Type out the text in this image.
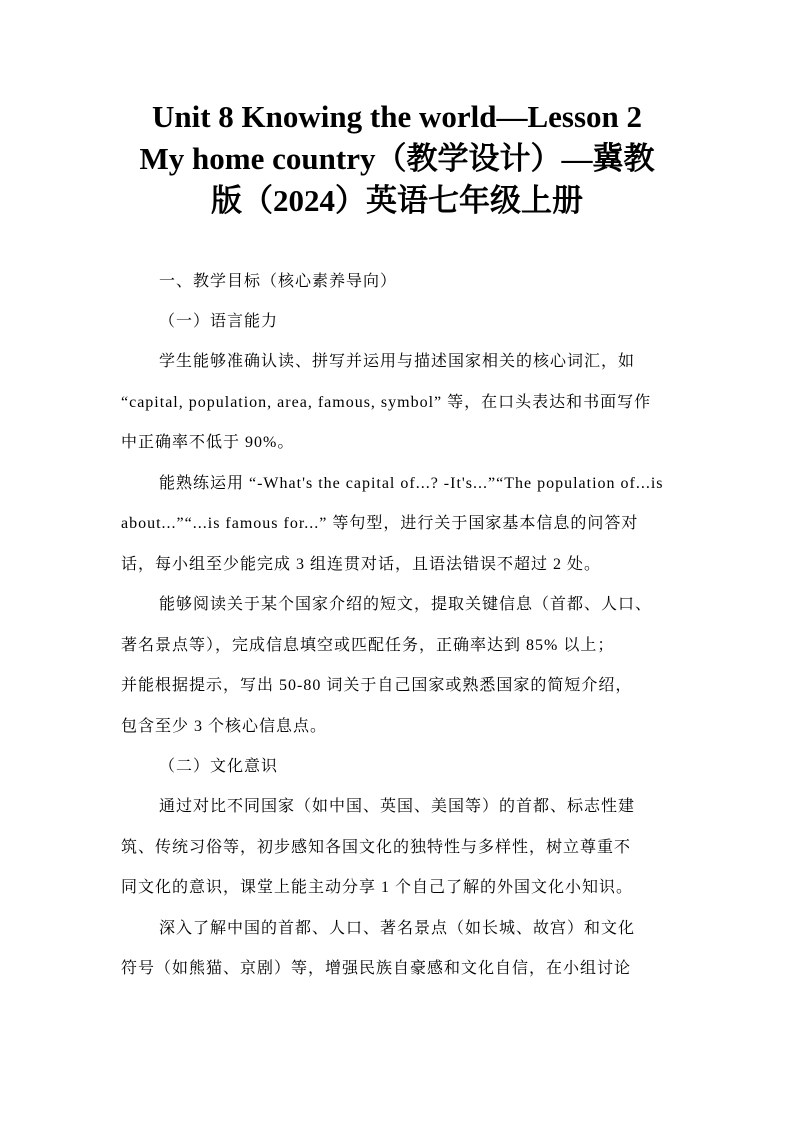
Unit 8 Knowing the world—Lesson 2
My home country（教学设计）—冀教
版（2024）英语七年级上册
一、教学目标（核心素养导向）
（一）语言能力
学生能够准确认读、拼写并运用与描述国家相关的核心词汇，如
“capital, population, area, famous, symbol” 等，在口头表达和书面写作
中正确率不低于 90%。
能熟练运用 “-What's the capital of...? -It's...”“The population of...is
about...”“...is famous for...” 等句型，进行关于国家基本信息的问答对
话，每小组至少能完成 3 组连贯对话，且语法错误不超过 2 处。
能够阅读关于某个国家介绍的短文，提取关键信息（首都、人口、
著名景点等），完成信息填空或匹配任务，正确率达到 85% 以上；
并能根据提示，写出 50-80 词关于自己国家或熟悉国家的简短介绍，
包含至少 3 个核心信息点。
（二）文化意识
通过对比不同国家（如中国、英国、美国等）的首都、标志性建
筑、传统习俗等，初步感知各国文化的独特性与多样性，树立尊重不
同文化的意识，课堂上能主动分享 1 个自己了解的外国文化小知识。
深入了解中国的首都、人口、著名景点（如长城、故宫）和文化
符号（如熊猫、京剧）等，增强民族自豪感和文化自信，在小组讨论
